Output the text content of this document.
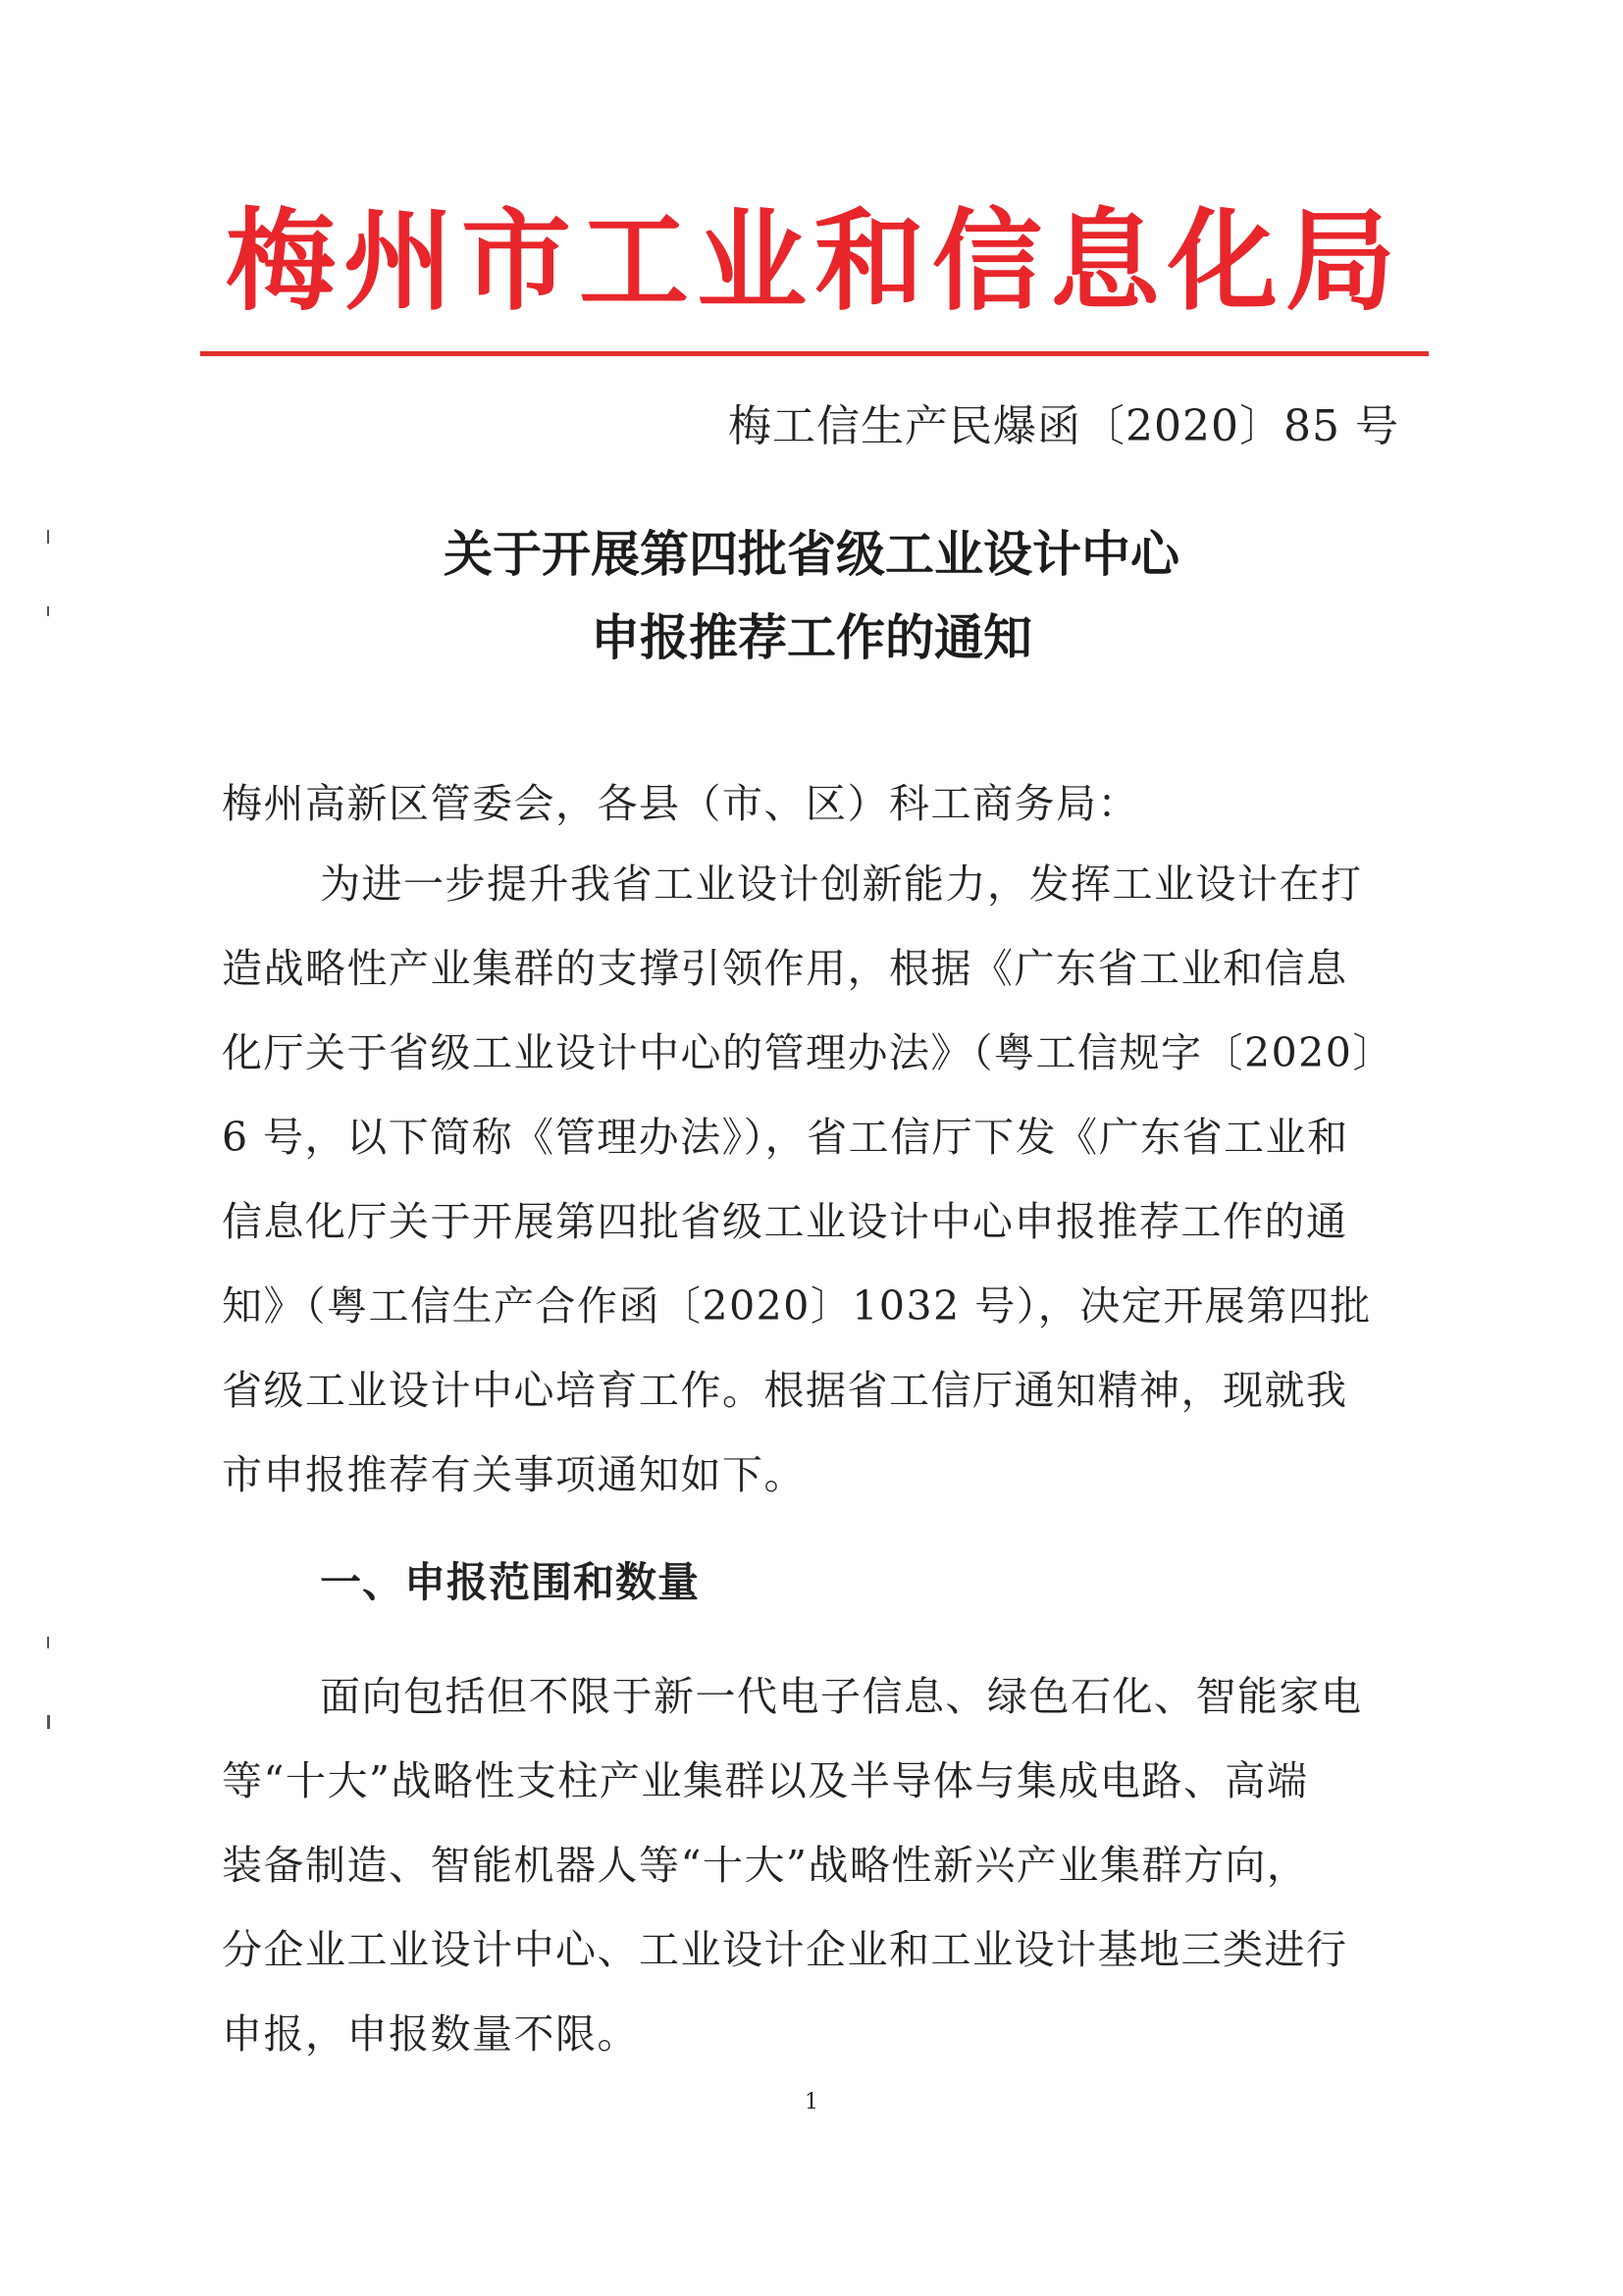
梅州市工业和信息化局
梅工信生产民爆函〔2020〕85 号
关于开展第四批省级工业设计中心
申报推荐工作的通知
梅州高新区管委会，各县（市、区）科工商务局：
为进一步提升我省工业设计创新能力，发挥工业设计在打
造战略性产业集群的支撑引领作用，根据《广东省工业和信息
化厅关于省级工业设计中心的管理办法》（粤工信规字〔2020〕
6 号，以下简称《管理办法》），省工信厅下发《广东省工业和
信息化厅关于开展第四批省级工业设计中心申报推荐工作的通
知》（粤工信生产合作函〔2020〕1032 号），决定开展第四批
省级工业设计中心培育工作。根据省工信厅通知精神，现就我
市申报推荐有关事项通知如下。
一、申报范围和数量
面向包括但不限于新一代电子信息、绿色石化、智能家电
等“十大”战略性支柱产业集群以及半导体与集成电路、高端
装备制造、智能机器人等“十大”战略性新兴产业集群方向，
分企业工业设计中心、工业设计企业和工业设计基地三类进行
申报，申报数量不限。
1
